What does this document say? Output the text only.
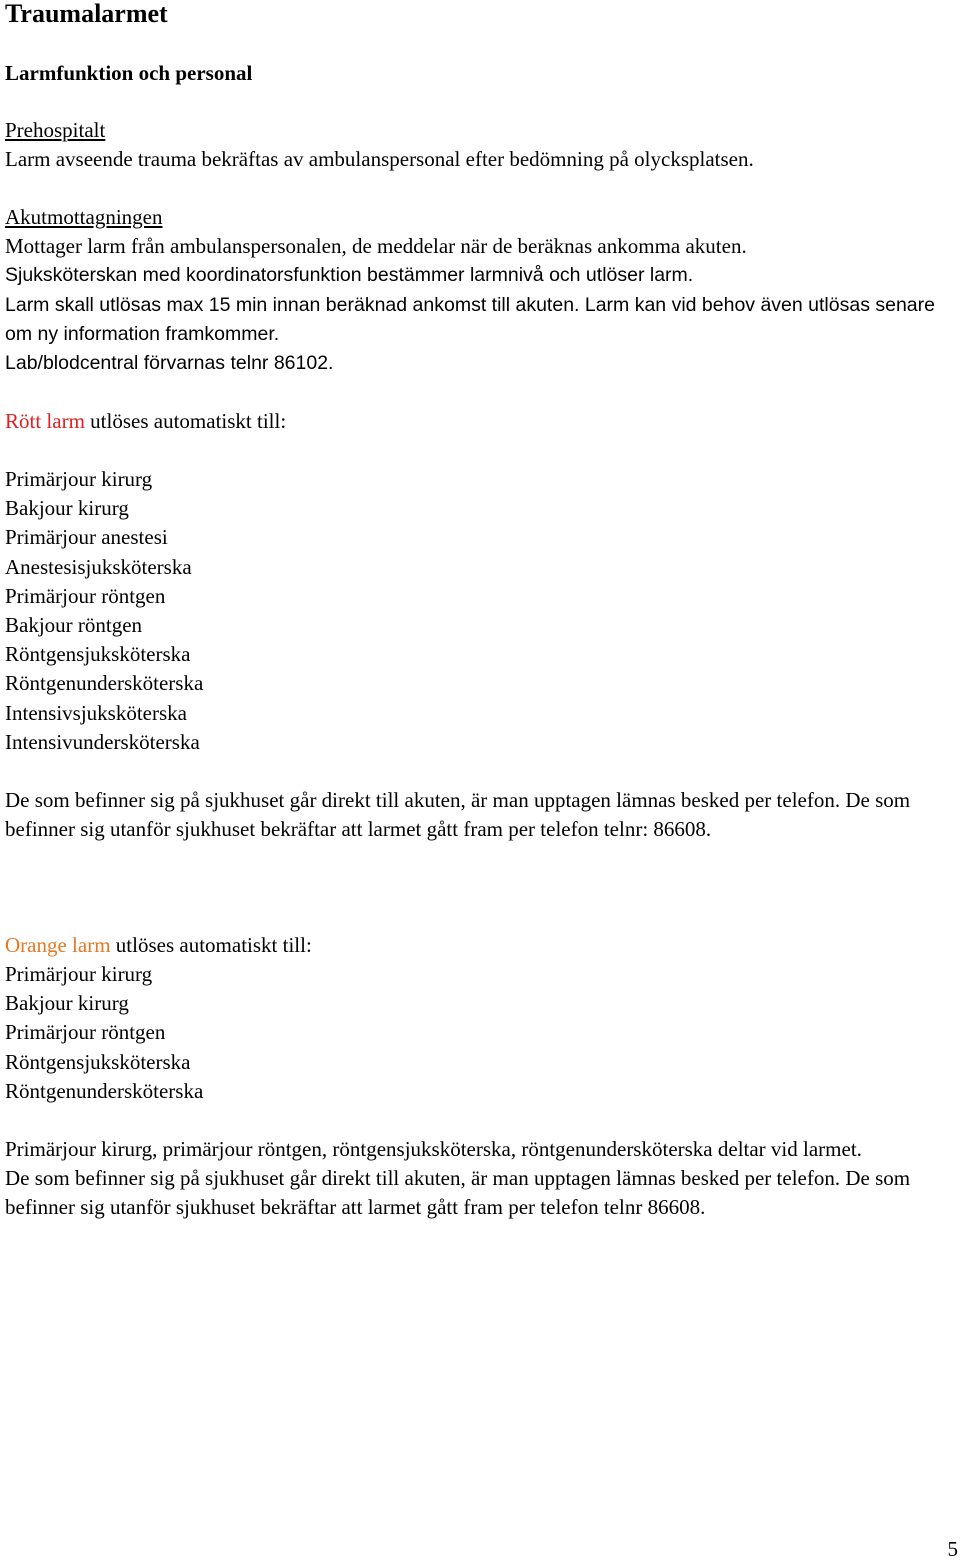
Traumalarmet
Larmfunktion och personal

Prehospitalt

Larm avseende trauma bekräftas av ambulanspersonal efter bedömning på olycksplatsen.

Akutmottagningen

Mottager larm från ambulanspersonalen, de meddelar när de beräknas ankomma akuten.

Sjuksköterskan med koordinatorsfunktion bestämmer larmnivå och utlöser larm.

Larm skall utlösas max 15 min innan beräknad ankomst till akuten. Larm kan vid behov även utlösas senare om ny information framkommer.

Lab/blodcentral förvarnas telnr 86102.

Rött larm utlöses automatiskt till:

Primärjour kirurg
Bakjour kirurg
Primärjour anestesi
Anestesisjuksköterska
Primärjour röntgen
Bakjour röntgen
Röntgensjuksköterska
Röntgenundersköterska
Intensivsjuksköterska
Intensivundersköterska

De som befinner sig på sjukhuset går direkt till akuten, är man upptagen lämnas besked per telefon. De som befinner sig utanför sjukhuset bekräftar att larmet gått fram per telefon telnr: 86608.

Orange larm utlöses automatiskt till:

Primärjour kirurg
Bakjour kirurg
Primärjour röntgen
Röntgensjuksköterska
Röntgenundersköterska

Primärjour kirurg, primärjour röntgen, röntgensjuksköterska, röntgenundersköterska deltar vid larmet.

De som befinner sig på sjukhuset går direkt till akuten, är man upptagen lämnas besked per telefon. De som befinner sig utanför sjukhuset bekräftar att larmet gått fram per telefon telnr 86608.

5
